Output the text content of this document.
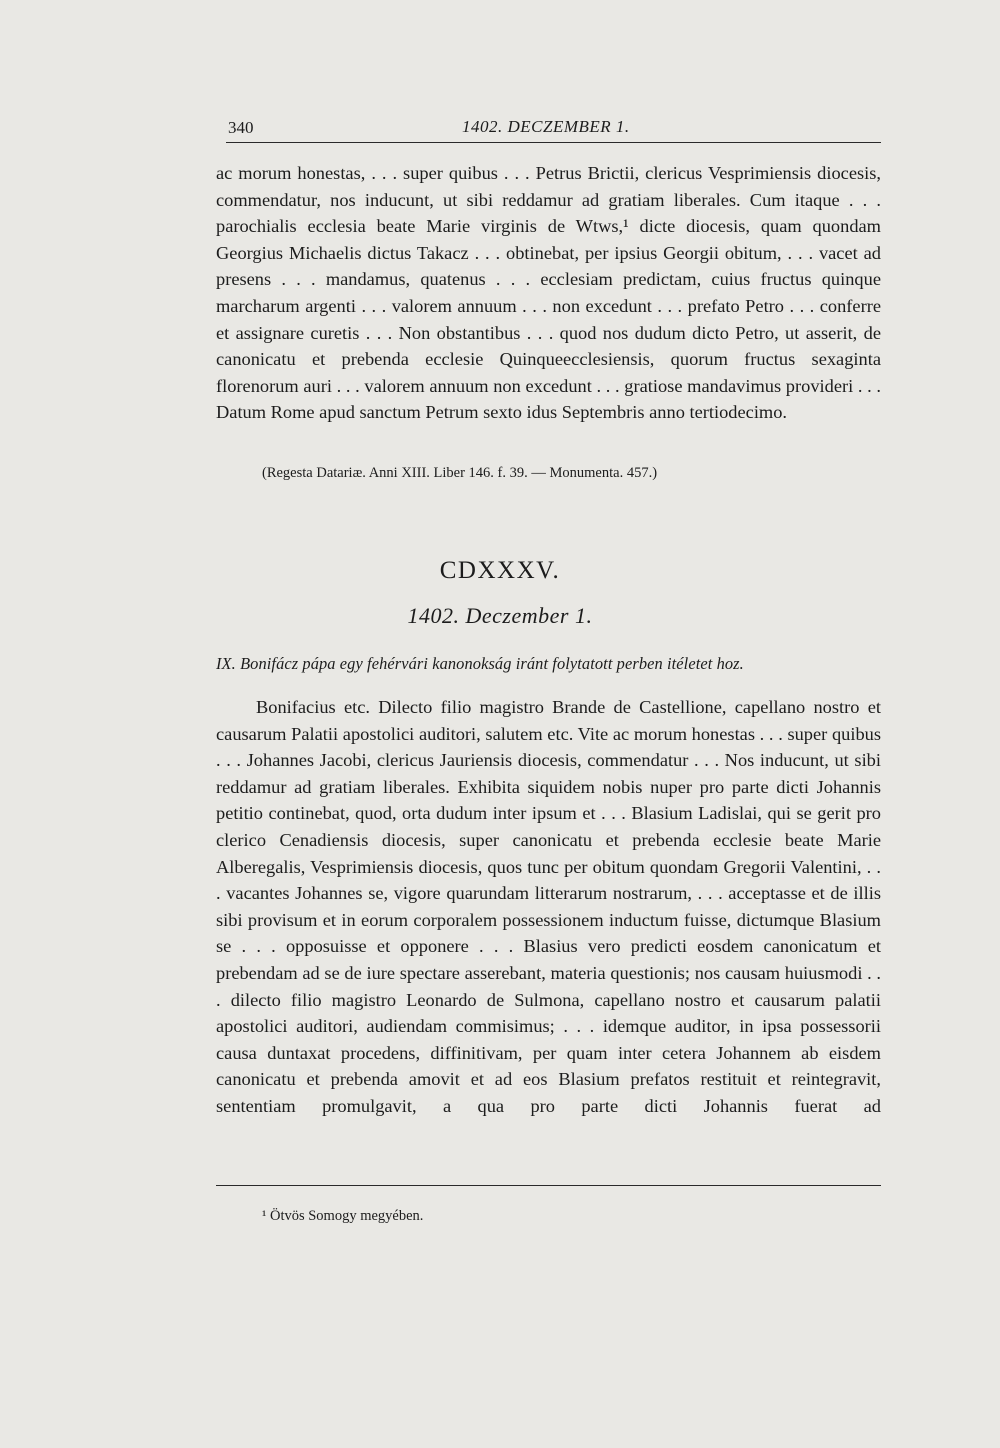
340	1402. DECZEMBER 1.
ac morum honestas, . . . super quibus . . . Petrus Brictii, clericus Vesprimiensis diocesis, commendatur, nos inducunt, ut sibi reddamur ad gratiam liberales. Cum itaque . . . parochialis ecclesia beate Marie virginis de Wtws,¹ dicte diocesis, quam quondam Georgius Michaelis dictus Takacz . . . obtinebat, per ipsius Georgii obitum, . . . vacet ad presens . . . mandamus, quatenus . . . ecclesiam predictam, cuius fructus quinque marcharum argenti . . . valorem annuum . . . non excedunt . . . prefato Petro . . . conferre et assignare curetis . . . Non obstantibus . . . quod nos dudum dicto Petro, ut asserit, de canonicatu et prebenda ecclesie Quinqueecclesiensis, quorum fructus sexaginta florenorum auri . . . valorem annuum non excedunt . . . gratiose mandavimus provideri . . . Datum Rome apud sanctum Petrum sexto idus Septembris anno tertiodecimo.
(Regesta Datariæ. Anni XIII. Liber 146. f. 39. — Monumenta. 457.)
CDXXXV.
1402. Deczember 1.
IX. Bonifácz pápa egy fehérvári kanonokság iránt folytatott perben itéletet hoz.
Bonifacius etc. Dilecto filio magistro Brande de Castellione, capellano nostro et causarum Palatii apostolici auditori, salutem etc. Vite ac morum honestas . . . super quibus . . . Johannes Jacobi, clericus Jauriensis diocesis, commendatur . . . Nos inducunt, ut sibi reddamur ad gratiam liberales. Exhibita siquidem nobis nuper pro parte dicti Johannis petitio continebat, quod, orta dudum inter ipsum et . . . Blasium Ladislai, qui se gerit pro clerico Cenadiensis diocesis, super canonicatu et prebenda ecclesie beate Marie Alberegalis, Vesprimiensis diocesis, quos tunc per obitum quondam Gregorii Valentini, . . . vacantes Johannes se, vigore quarundam litterarum nostrarum, . . . acceptasse et de illis sibi provisum et in eorum corporalem possessionem inductum fuisse, dictumque Blasium se . . . opposuisse et opponere . . . Blasius vero predicti eosdem canonicatum et prebendam ad se de iure spectare asserebant, materia questionis; nos causam huiusmodi . . . dilecto filio magistro Leonardo de Sulmona, capellano nostro et causarum palatii apostolici auditori, audiendam commisimus; . . . idemque auditor, in ipsa possessorii causa duntaxat procedens, diffinitivam, per quam inter cetera Johannem ab eisdem canonicatu et prebenda amovit et ad eos Blasium prefatos restituit et reintegravit, sententiam promulgavit, a qua pro parte dicti Johannis fuerat ad
¹ Ötvös Somogy megyében.
